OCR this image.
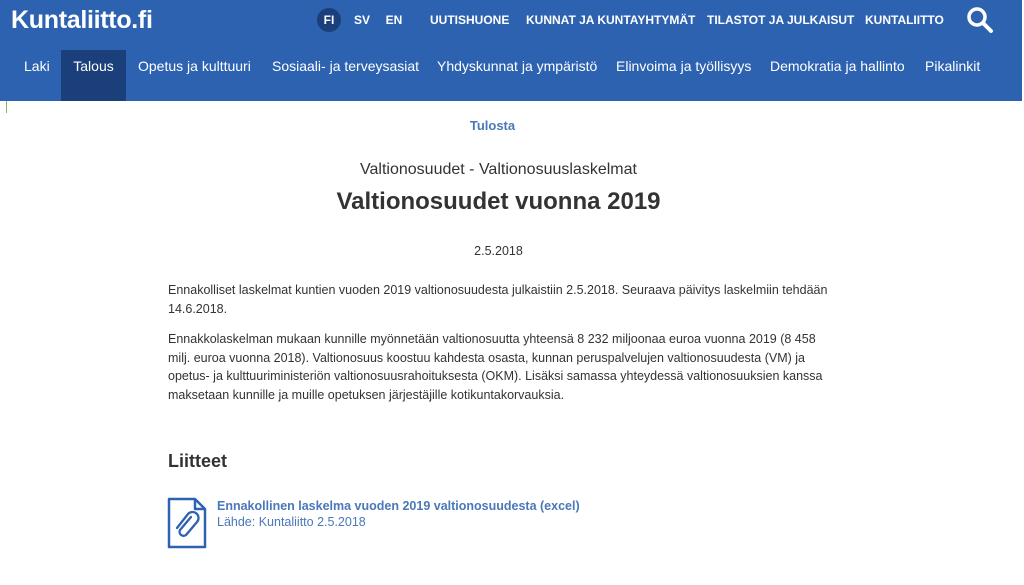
Kuntaliitto.fi	FI	SV	EN	UUTISHUONE KUNNAT JA KUNTAYHTYMÄT TILASTOT JA JULKAISUT KUNTALIITTO
Laki	Talous	Opetus ja kulttuuri Sosiaali- ja terveysasiat Yhdyskunnat ja ympäristö Elinvoima ja työllisyys Demokratia ja hallinto Pikalinkit
Tulosta
Valtionosuudet - Valtionosuuslaskelmat
Valtionosuudet vuonna 2019
2.5.2018
Ennakolliset laskelmat kuntien vuoden 2019 valtionosuudesta julkaistiin 2.5.2018. Seuraava päivitys laskelmiin tehdään 14.6.2018.
Ennakkolaskelman mukaan kunnille myönnetään valtionosuutta yhteensä 8 232 miljoonaa euroa vuonna 2019 (8 458 milj. euroa vuonna 2018). Valtionosuus koostuu kahdesta osasta, kunnan peruspalvelujen valtionosuudesta (VM) ja opetus- ja kulttuuriministeriön valtionosuusrahoituksesta (OKM). Lisäksi samassa yhteydessä valtionosuuksien kanssa maksetaan kunnille ja muille opetuksen järjestäjille kotikuntakorvauksia.
Liitteet
Ennakollinen laskelma vuoden 2019 valtionosuudesta (excel)
Lähde: Kuntaliitto 2.5.2018
